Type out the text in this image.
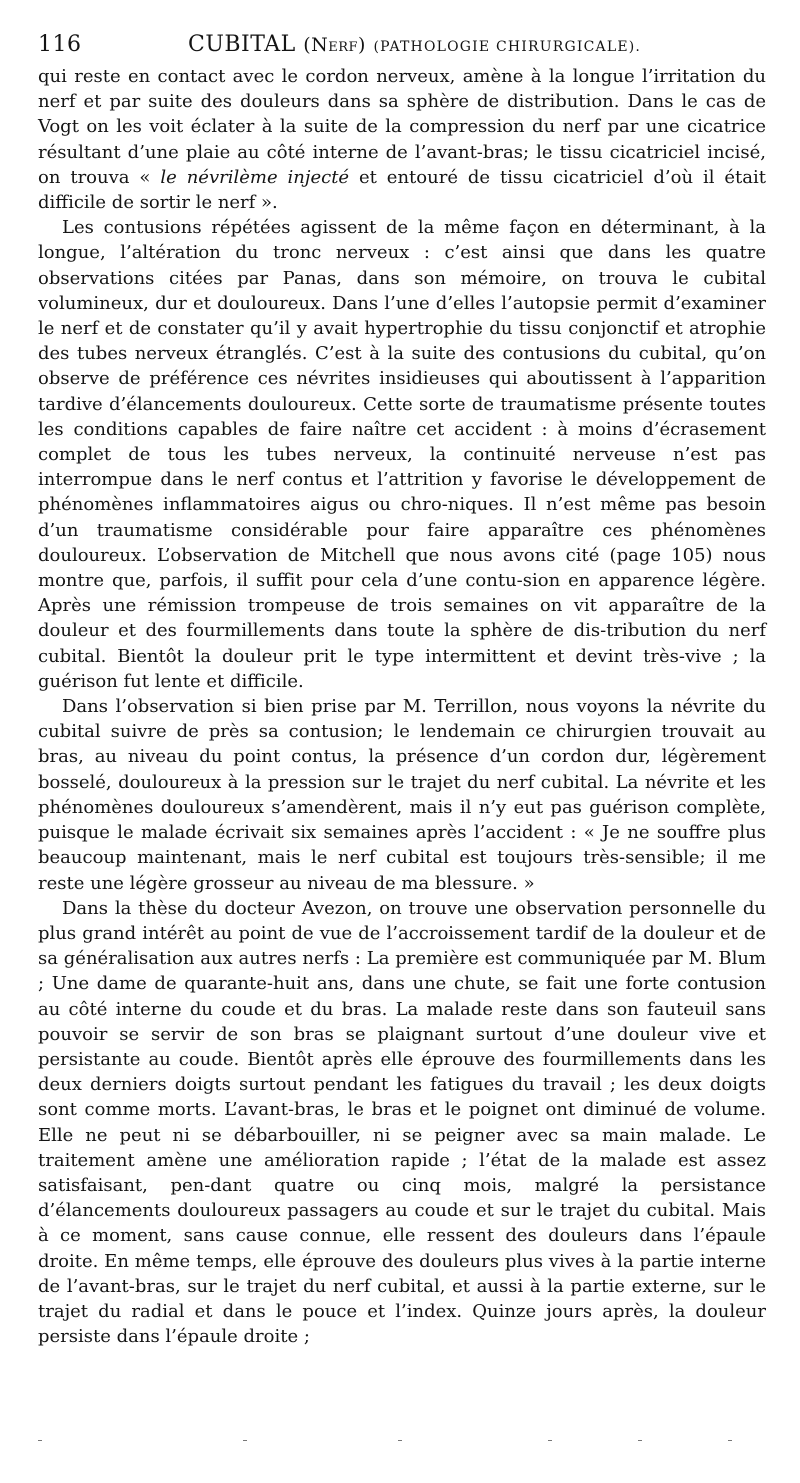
116	CUBITAL (Nerf) (PATHOLOGIE CHIRURGICALE).

qui reste en contact avec le cordon nerveux, amène à la longue l’irritation du nerf et par suite des douleurs dans sa sphère de distribution. Dans le cas de Vogt on les voit éclater à la suite de la compression du nerf par une cicatrice résultant d’une plaie au côté interne de l’avant-bras; le tissu cicatriciel incisé, on trouva « le névrilème injecté et entouré de tissu cicatriciel d’où il était difficile de sortir le nerf ».

Les contusions répétées agissent de la même façon en déterminant, à la longue, l’altération du tronc nerveux : c’est ainsi que dans les quatre observations citées par Panas, dans son mémoire, on trouva le cubital volumineux, dur et douloureux. Dans l’une d’elles l’autopsie permit d’examiner le nerf et de constater qu’il y avait hypertrophie du tissu conjonctif et atrophie des tubes nerveux étranglés. C’est à la suite des contusions du cubital, qu’on observe de préférence ces névrites insidieuses qui aboutissent à l’apparition tardive d’élancements douloureux. Cette sorte de traumatisme présente toutes les conditions capables de faire naître cet accident : à moins d’écrasement complet de tous les tubes nerveux, la continuité nerveuse n’est pas interrompue dans le nerf contus et l’attrition y favorise le développement de phénomènes inflammatoires aigus ou chro-niques. Il n’est même pas besoin d’un traumatisme considérable pour faire apparaître ces phénomènes douloureux. L’observation de Mitchell que nous avons cité (page 105) nous montre que, parfois, il suffit pour cela d’une contu-sion en apparence légère. Après une rémission trompeuse de trois semaines on vit apparaître de la douleur et des fourmillements dans toute la sphère de dis-tribution du nerf cubital. Bientôt la douleur prit le type intermittent et devint très-vive ; la guérison fut lente et difficile.

Dans l’observation si bien prise par M. Terrillon, nous voyons la névrite du cubital suivre de près sa contusion; le lendemain ce chirurgien trouvait au bras, au niveau du point contus, la présence d’un cordon dur, légèrement bosselé, douloureux à la pression sur le trajet du nerf cubital. La névrite et les phénomènes douloureux s’amendèrent, mais il n’y eut pas guérison complète, puisque le malade écrivait six semaines après l’accident : « Je ne souffre plus beaucoup maintenant, mais le nerf cubital est toujours très-sensible; il me reste une légère grosseur au niveau de ma blessure. »

Dans la thèse du docteur Avezon, on trouve une observation personnelle du plus grand intérêt au point de vue de l’accroissement tardif de la douleur et de sa généralisation aux autres nerfs : La première est communiquée par M. Blum ; Une dame de quarante-huit ans, dans une chute, se fait une forte contusion au côté interne du coude et du bras. La malade reste dans son fauteuil sans pouvoir se servir de son bras se plaignant surtout d’une douleur vive et persistante au coude. Bientôt après elle éprouve des fourmillements dans les deux derniers doigts surtout pendant les fatigues du travail ; les deux doigts sont comme morts. L’avant-bras, le bras et le poignet ont diminué de volume. Elle ne peut ni se débarbouiller, ni se peigner avec sa main malade. Le traitement amène une amélioration rapide ; l’état de la malade est assez satisfaisant, pen-dant quatre ou cinq mois, malgré la persistance d’élancements douloureux passagers au coude et sur le trajet du cubital. Mais à ce moment, sans cause connue, elle ressent des douleurs dans l’épaule droite. En même temps, elle éprouve des douleurs plus vives à la partie interne de l’avant-bras, sur le trajet du nerf cubital, et aussi à la partie externe, sur le trajet du radial et dans le pouce et l’index. Quinze jours après, la douleur persiste dans l’épaule droite ;
